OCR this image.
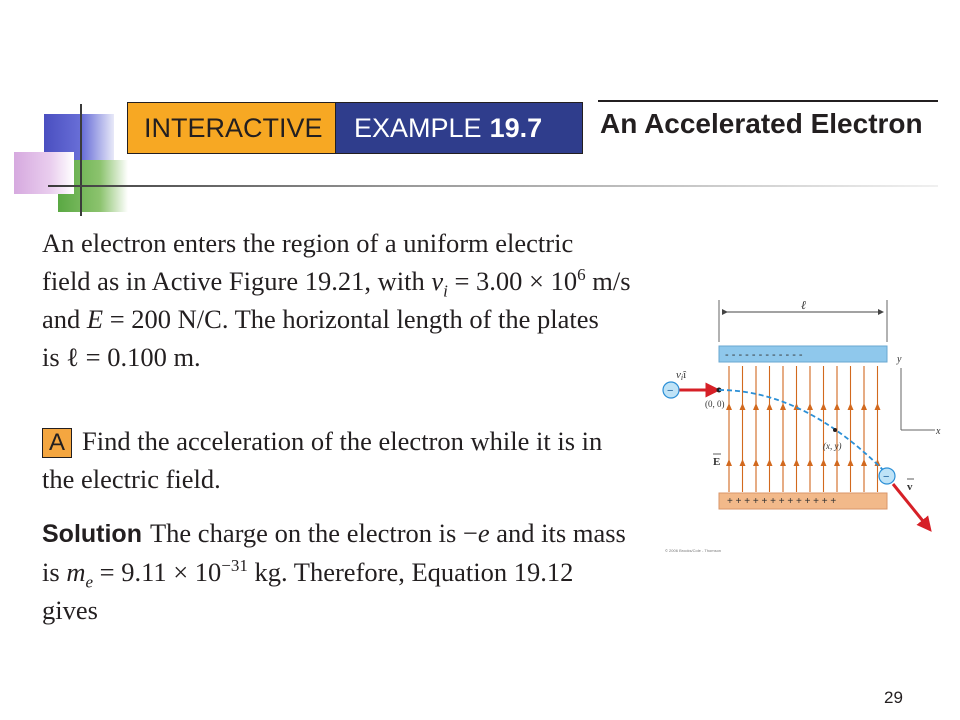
INTERACTIVE EXAMPLE 19.7 An Accelerated Electron
An electron enters the region of a uniform electric
field as in Active Figure 19.21, with $v_i = 3.00 \times 10^6$ m/s
and E = 200 N/C. The horizontal length of the plates
is ℓ = 0.100 m.
A Find the acceleration of the electron while it is in
the electric field.
Solution The charge on the electron is −e and its mass
is $m_e = 9.11 \times 10^{-31}$ kg. Therefore, Equation 19.12
gives
ℓ
- - - - - - - - - - - -
+ + + + + + + + + + + + +
y
x
−
viî
(0, 0)
(x, y)
−
v
E
© 2006 Brooks/Cole - Thomson
29
